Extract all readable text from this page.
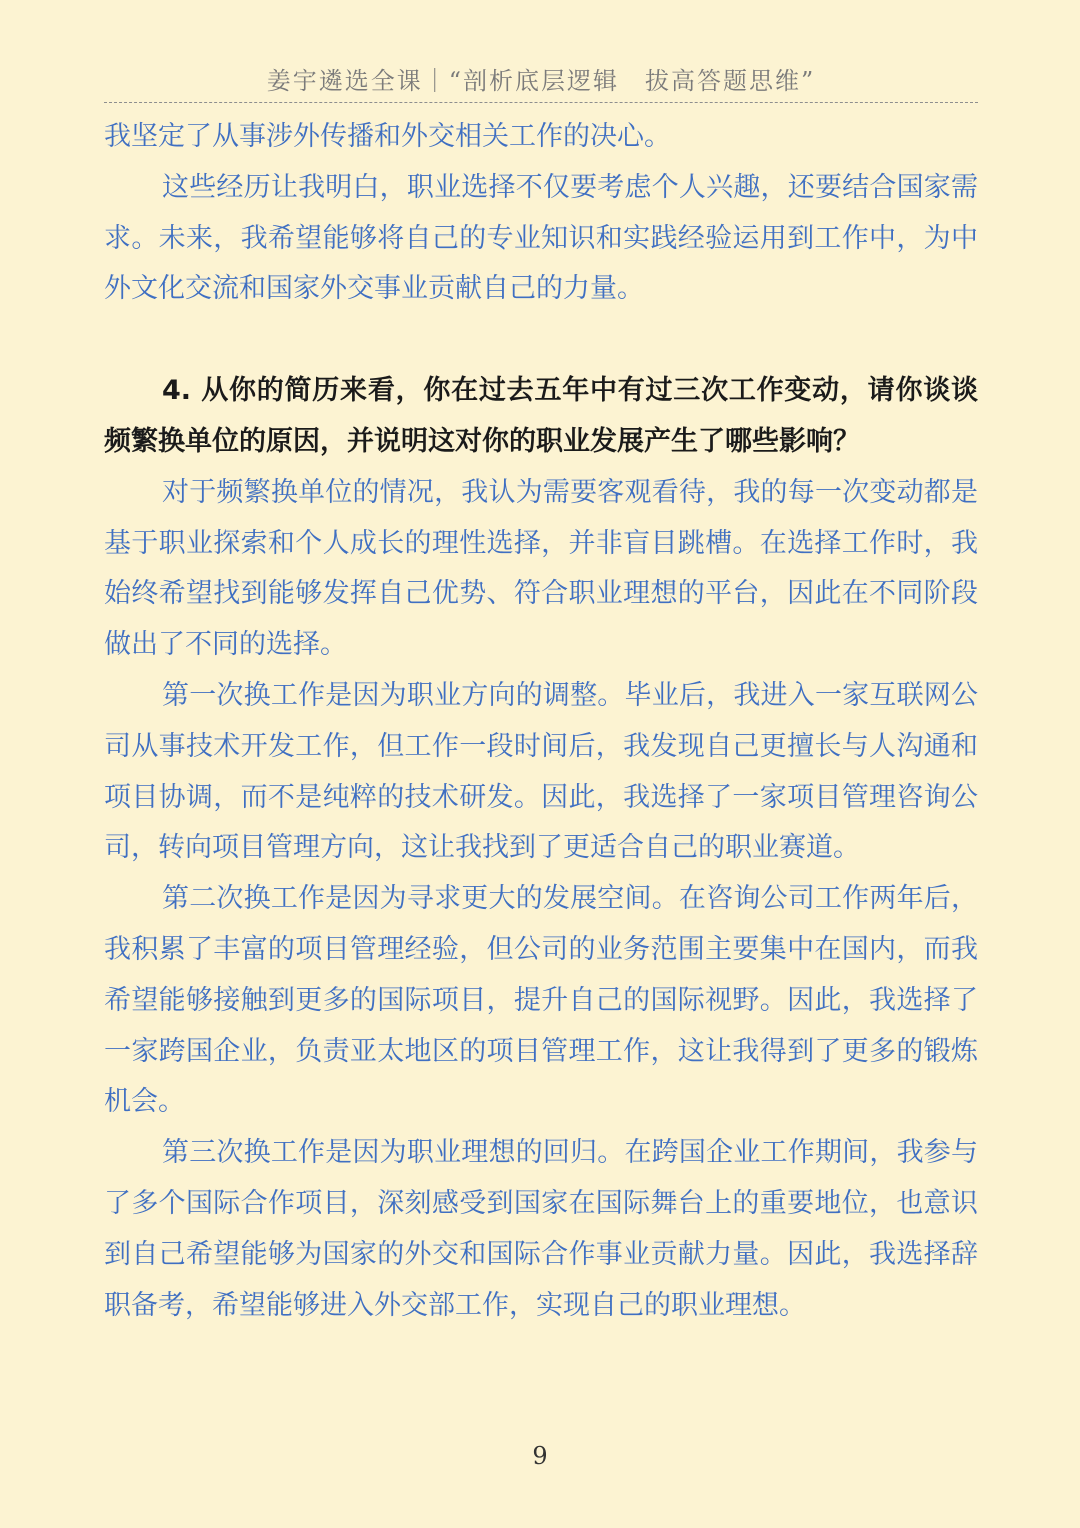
姜宇遴选全课｜“剖析底层逻辑　拔高答题思维”

我坚定了从事涉外传播和外交相关工作的决心。

这些经历让我明白，职业选择不仅要考虑个人兴趣，还要结合国家需求。未来，我希望能够将自己的专业知识和实践经验运用到工作中，为中外文化交流和国家外交事业贡献自己的力量。

4. 从你的简历来看，你在过去五年中有过三次工作变动，请你谈谈频繁换单位的原因，并说明这对你的职业发展产生了哪些影响？

对于频繁换单位的情况，我认为需要客观看待，我的每一次变动都是基于职业探索和个人成长的理性选择，并非盲目跳槽。在选择工作时，我始终希望找到能够发挥自己优势、符合职业理想的平台，因此在不同阶段做出了不同的选择。

第一次换工作是因为职业方向的调整。毕业后，我进入一家互联网公司从事技术开发工作，但工作一段时间后，我发现自己更擅长与人沟通和项目协调，而不是纯粹的技术研发。因此，我选择了一家项目管理咨询公司，转向项目管理方向，这让我找到了更适合自己的职业赛道。

第二次换工作是因为寻求更大的发展空间。在咨询公司工作两年后，我积累了丰富的项目管理经验，但公司的业务范围主要集中在国内，而我希望能够接触到更多的国际项目，提升自己的国际视野。因此，我选择了一家跨国企业，负责亚太地区的项目管理工作，这让我得到了更多的锻炼机会。

第三次换工作是因为职业理想的回归。在跨国企业工作期间，我参与了多个国际合作项目，深刻感受到国家在国际舞台上的重要地位，也意识到自己希望能够为国家的外交和国际合作事业贡献力量。因此，我选择辞职备考，希望能够进入外交部工作，实现自己的职业理想。

9
